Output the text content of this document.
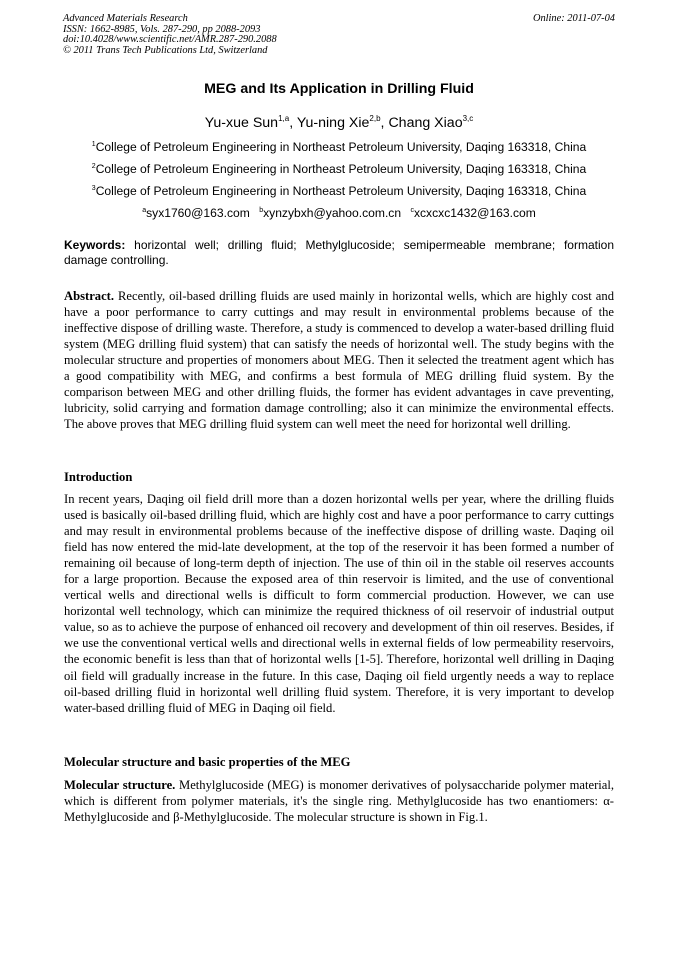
Advanced Materials Research
ISSN: 1662-8985, Vols. 287-290, pp 2088-2093
doi:10.4028/www.scientific.net/AMR.287-290.2088
© 2011 Trans Tech Publications Ltd, Switzerland
Online: 2011-07-04
MEG and Its Application in Drilling Fluid
Yu-xue Sun$^{1,a}$, Yu-ning Xie$^{2,b}$, Chang Xiao$^{3,c}$
$^1$College of Petroleum Engineering in Northeast Petroleum University, Daqing 163318, China
$^2$College of Petroleum Engineering in Northeast Petroleum University, Daqing 163318, China
$^3$College of Petroleum Engineering in Northeast Petroleum University, Daqing 163318, China
$^a$syx1760@163.com $^b$xynzybxh@yahoo.com.cn $^c$xcxcxc1432@163.com
Keywords: horizontal well; drilling fluid; Methylglucoside; semipermeable membrane; formation damage controlling.
Abstract. Recently, oil-based drilling fluids are used mainly in horizontal wells, which are highly cost and have a poor performance to carry cuttings and may result in environmental problems because of the ineffective dispose of drilling waste. Therefore, a study is commenced to develop a water-based drilling fluid system (MEG drilling fluid system) that can satisfy the needs of horizontal well. The study begins with the molecular structure and properties of monomers about MEG. Then it selected the treatment agent which has a good compatibility with MEG, and confirms a best formula of MEG drilling fluid system. By the comparison between MEG and other drilling fluids, the former has evident advantages in cave preventing, lubricity, solid carrying and formation damage controlling; also it can minimize the environmental effects. The above proves that MEG drilling fluid system can well meet the need for horizontal well drilling.
Introduction
In recent years, Daqing oil field drill more than a dozen horizontal wells per year, where the drilling fluids used is basically oil-based drilling fluid, which are highly cost and have a poor performance to carry cuttings and may result in environmental problems because of the ineffective dispose of drilling waste. Daqing oil field has now entered the mid-late development, at the top of the reservoir it has been formed a number of remaining oil because of long-term depth of injection. The use of thin oil in the stable oil reserves accounts for a large proportion. Because the exposed area of thin reservoir is limited, and the use of conventional vertical wells and directional wells is difficult to form commercial production. However, we can use horizontal well technology, which can minimize the required thickness of oil reservoir of industrial output value, so as to achieve the purpose of enhanced oil recovery and development of thin oil reserves. Besides, if we use the conventional vertical wells and directional wells in external fields of low permeability reservoirs, the economic benefit is less than that of horizontal wells [1-5]. Therefore, horizontal well drilling in Daqing oil field will gradually increase in the future. In this case, Daqing oil field urgently needs a way to replace oil-based drilling fluid in horizontal well drilling fluid system. Therefore, it is very important to develop water-based drilling fluid of MEG in Daqing oil field.
Molecular structure and basic properties of the MEG
Molecular structure. Methylglucoside (MEG) is monomer derivatives of polysaccharide polymer material, which is different from polymer materials, it's the single ring. Methylglucoside has two enantiomers: α- Methylglucoside and β-Methylglucoside. The molecular structure is shown in Fig.1.
